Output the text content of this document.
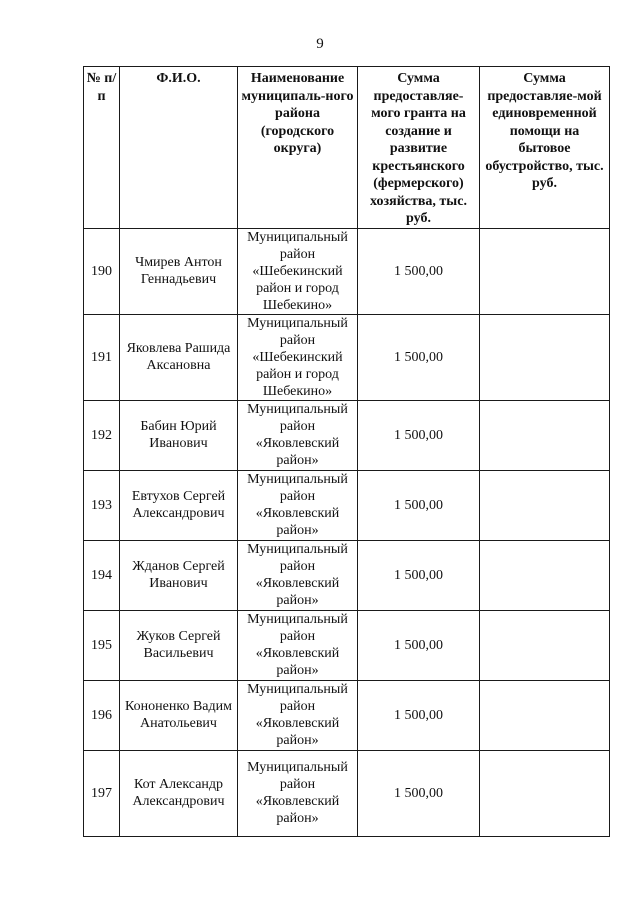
9
№ п/п	Ф.И.О.	Наименование муниципаль-ного района (городского округа)	Сумма предоставляе-мого гранта на создание и развитие крестьянского (фермерского) хозяйства, тыс. руб.	Сумма предоставляе-мой единовременной помощи на бытовое обустройство, тыс. руб.
190	Чмирев Антон Геннадьевич	Муниципальный район «Шебекинский район и город Шебекино»	1 500,00	
191	Яковлева Рашида Аксановна	Муниципальный район «Шебекинский район и город Шебекино»	1 500,00	
192	Бабин Юрий Иванович	Муниципальный район «Яковлевский район»	1 500,00	
193	Евтухов Сергей Александрович	Муниципальный район «Яковлевский район»	1 500,00	
194	Жданов Сергей Иванович	Муниципальный район «Яковлевский район»	1 500,00	
195	Жуков Сергей Васильевич	Муниципальный район «Яковлевский район»	1 500,00	
196	Кононенко Вадим Анатольевич	Муниципальный район «Яковлевский район»	1 500,00	
197	Кот Александр Александрович	Муниципальный район «Яковлевский район»	1 500,00	
